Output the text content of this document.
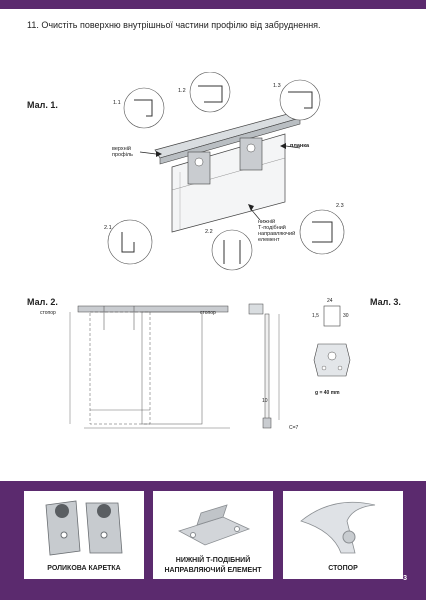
11. Очистіть поверхню внутрішньої частини профілю від забруднення.
Мал. 1.	1.1
1.2
1.3
2.1
2.2
2.3
верхній
профіль
планка
нижній
Т-подібний
направляючий
елемент
Мал. 2.	Мал. 3.
стопор	стопор
C=7
10
24
1,5	30
g = 40 mm
WWW.NOVACIA.COM.UA
РОЛИКОВА КАРЕТКА
НИЖНІЙ Т-ПОДІБНИЙ
НАПРАВЛЯЮЧИЙ ЕЛЕМЕНТ	СТОПОР
3
